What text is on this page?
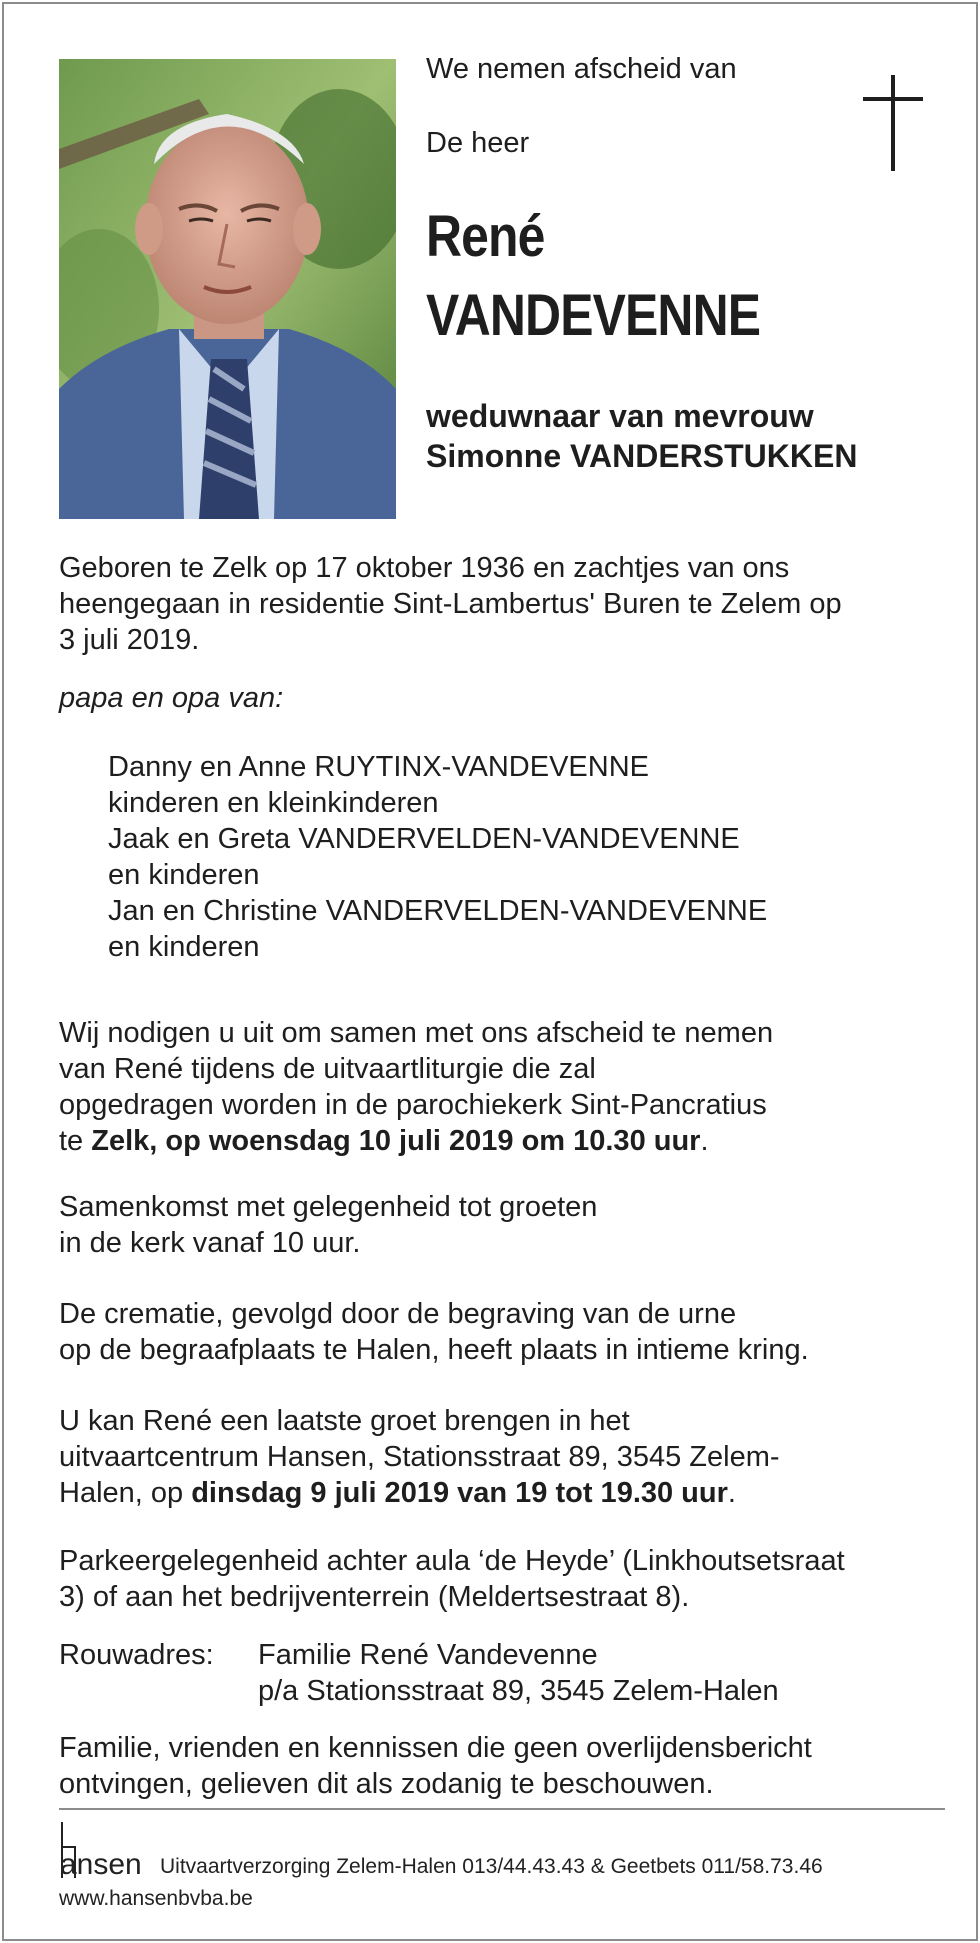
We nemen afscheid van
De heer
René
VANDEVENNE
weduwnaar van mevrouw
Simonne VANDERSTUKKEN
Geboren te Zelk op 17 oktober 1936 en zachtjes van ons
heengegaan in residentie Sint-Lambertus' Buren te Zelem op
3 juli 2019.
papa en opa van:
Danny en Anne RUYTINX-VANDEVENNE
kinderen en kleinkinderen
Jaak en Greta VANDERVELDEN-VANDEVENNE
en kinderen
Jan en Christine VANDERVELDEN-VANDEVENNE
en kinderen
Wij nodigen u uit om samen met ons afscheid te nemen
van René tijdens de uitvaartliturgie die zal
opgedragen worden in de parochiekerk Sint-Pancratius
te Zelk, op woensdag 10 juli 2019 om 10.30 uur.
Samenkomst met gelegenheid tot groeten
in de kerk vanaf 10 uur.
De crematie, gevolgd door de begraving van de urne
op de begraafplaats te Halen, heeft plaats in intieme kring.
U kan René een laatste groet brengen in het
uitvaartcentrum Hansen, Stationsstraat 89, 3545 Zelem-
Halen, op dinsdag 9 juli 2019 van 19 tot 19.30 uur.
Parkeergelegenheid achter aula ‘de Heyde’ (Linkhoutsetsraat
3) of aan het bedrijventerrein (Meldertsestraat 8).
Rouwadres: Familie René Vandevenne
p/a Stationsstraat 89, 3545 Zelem-Halen
Familie, vrienden en kennissen die geen overlijdensbericht
ontvingen, gelieven dit als zodanig te beschouwen.
ansen Uitvaartverzorging Zelem-Halen 013/44.43.43 & Geetbets 011/58.73.46
www.hansenbvba.be
